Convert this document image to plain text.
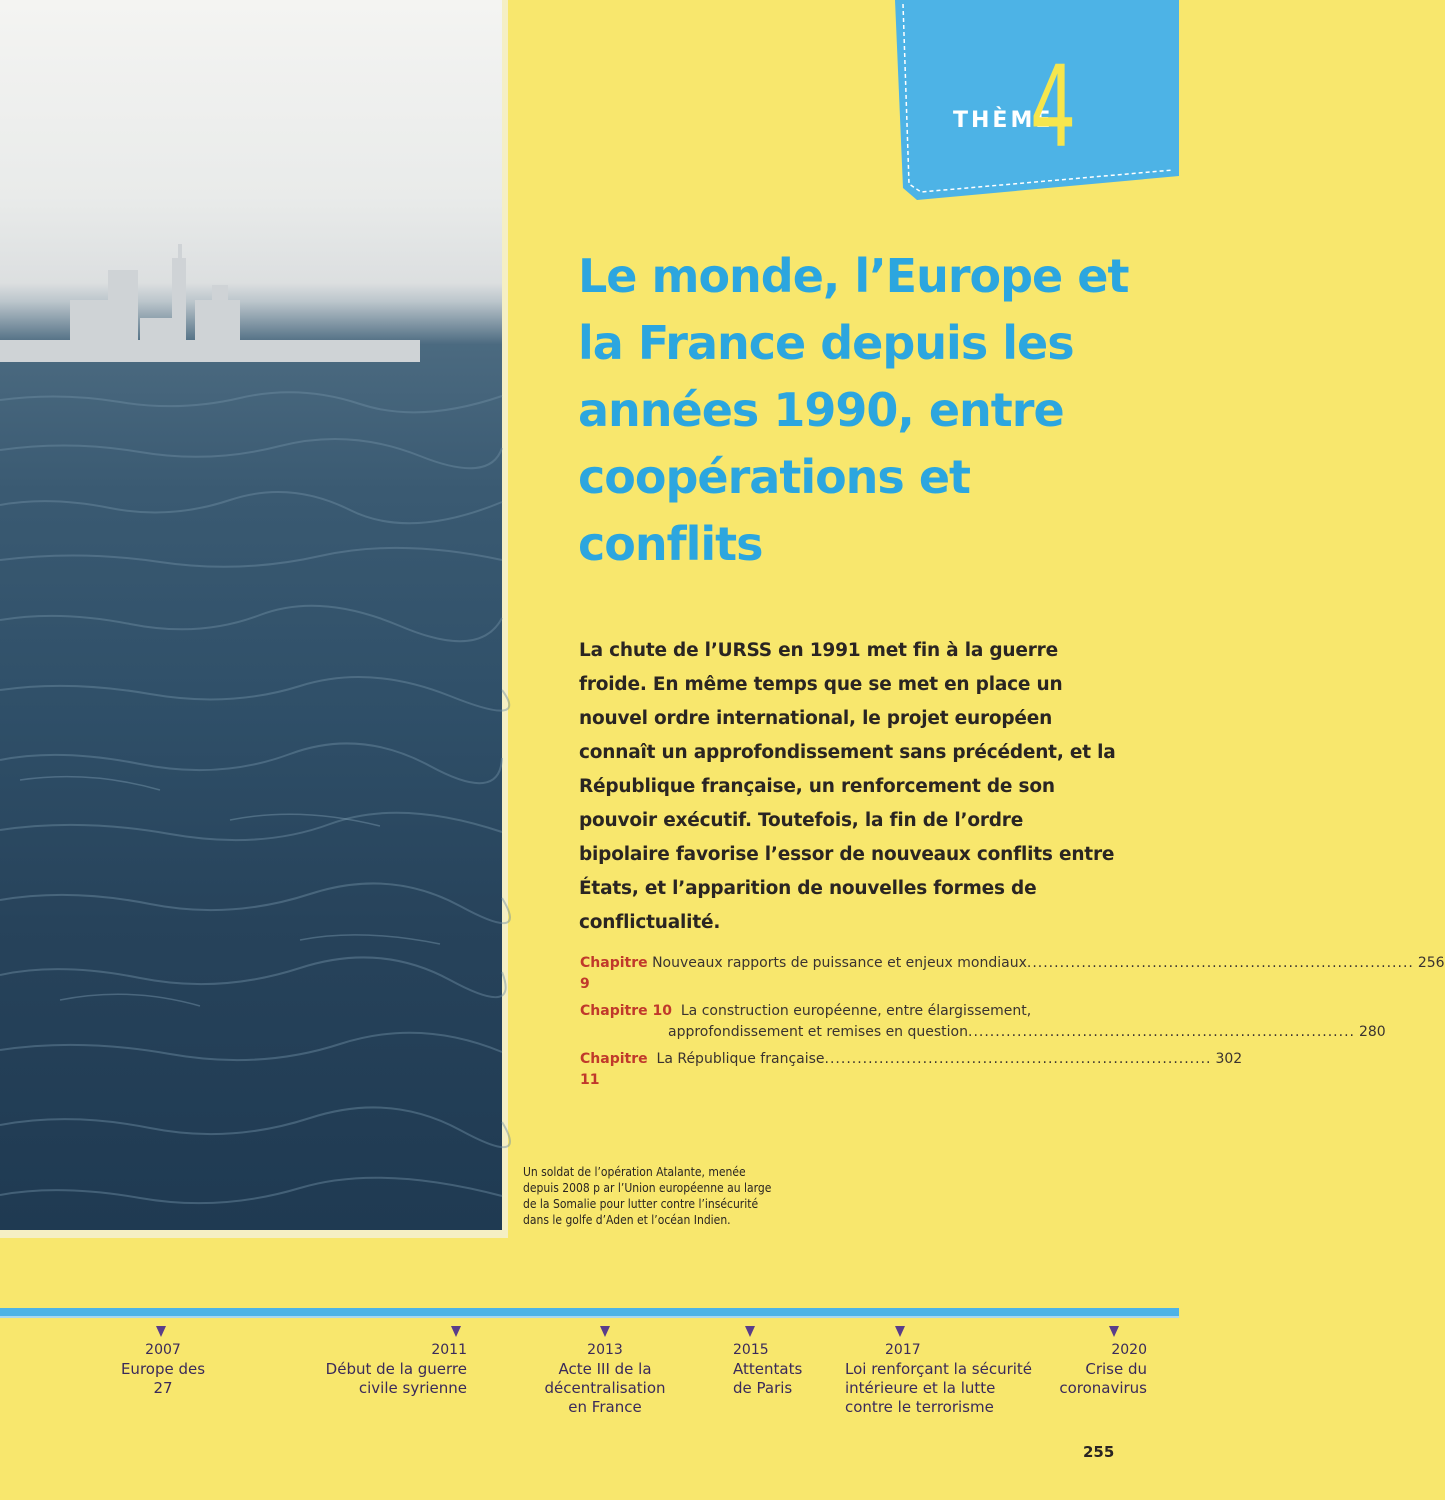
THÈME
4
Le monde, l’Europe et la France depuis les années 1990, entre coopérations et conflits

La chute de l’URSS en 1991 met fin à la guerre froide. En même temps que se met en place un nouvel ordre international, le projet européen connaît un approfondissement sans précédent, et la République française, un renforcement de son pouvoir exécutif. Toutefois, la fin de l’ordre bipolaire favorise l’essor de nouveaux conflits entre États, et l’apparition de nouvelles formes de conflictualité.

Chapitre 9

Nouveaux rapports de puissance et enjeux mondiaux ....................................................................... 256
Chapitre 10
La construction européenne, entre élargissement,
approfondissement et remises en question ....................................................................... 280
Chapitre 11

La République française ....................................................................... 302

Un soldat de l’opération Atalante, menée depuis 2008 p ar l’Union européenne au large de la Somalie pour lutter contre l’insécurité dans le golfe d’Aden et l’océan Indien.

2007
Europe des 27
2011
Début de la guerre civile syrienne
2013
Acte III de la décentralisation en France
2015
Attentats de Paris
2017
Loi renforçant la sécurité intérieure et la lutte contre le terrorisme
2020
Crise du coronavirus
255
